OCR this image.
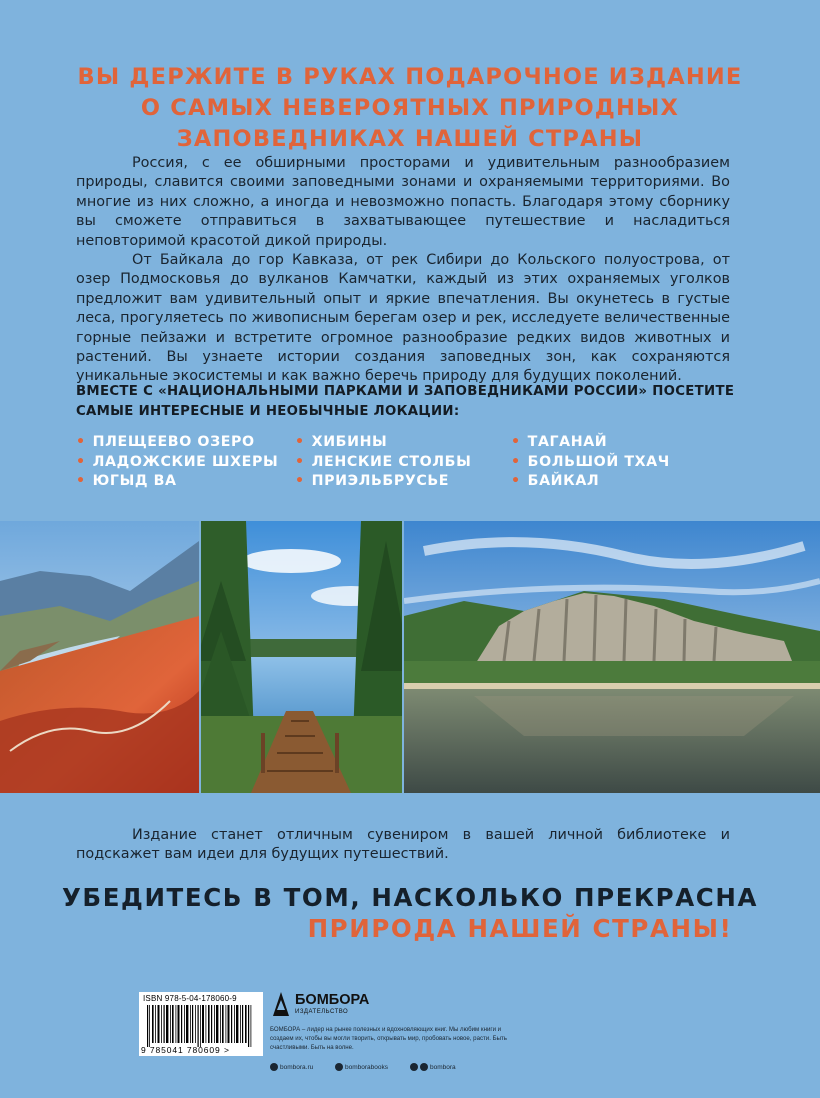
ВЫ ДЕРЖИТЕ В РУКАХ ПОДАРОЧНОЕ ИЗДАНИЕ
О САМЫХ НЕВЕРОЯТНЫХ ПРИРОДНЫХ
ЗАПОВЕДНИКАХ НАШЕЙ СТРАНЫ

Россия, с ее обширными просторами и удивительным разнообразием природы, славится своими заповедными зонами и охраняемыми территориями. Во многие из них сложно, а иногда и невозможно попасть. Благодаря этому сборнику вы сможете отправиться в захватывающее путешествие и насладиться неповторимой красотой дикой природы.

От Байкала до гор Кавказа, от рек Сибири до Кольского полуострова, от озер Подмосковья до вулканов Камчатки, каждый из этих охраняемых уголков предложит вам удивительный опыт и яркие впечатления. Вы окунетесь в густые леса, прогуляетесь по живописным берегам озер и рек, исследуете величественные горные пейзажи и встретите огромное разнообразие редких видов животных и растений. Вы узнаете истории создания заповедных зон, как сохраняются уникальные экосистемы и как важно беречь природу для будущих поколений.

ВМЕСТЕ С «НАЦИОНАЛЬНЫМИ ПАРКАМИ И ЗАПОВЕДНИКАМИ РОССИИ» ПОСЕТИТЕ
САМЫЕ ИНТЕРЕСНЫЕ И НЕОБЫЧНЫЕ ЛОКАЦИИ:
• ПЛЕЩЕЕВО ОЗЕРО
• ЛАДОЖСКИЕ ШХЕРЫ
• ЮГЫД ВА
• ХИБИНЫ
• ЛЕНСКИЕ СТОЛБЫ
• ПРИЭЛЬБРУСЬЕ
• ТАГАНАЙ
• БОЛЬШОЙ ТХАЧ
• БАЙКАЛ

Издание станет отличным сувениром в вашей личной библиотеке и подскажет вам идеи для будущих путешествий.

УБЕДИТЕСЬ В ТОМ, НАСКОЛЬКО ПРЕКРАСНА
ПРИРОДА НАШЕЙ СТРАНЫ!
ISBN 978-5-04-178060-9
9 785041 780609 >
БОМБОРА
ИЗДАТЕЛЬСТВО
БОМБОРА – лидер на рынке полезных и вдохновляющих книг. Мы любим книги и создаем их, чтобы вы могли творить, открывать мир, пробовать новое, расти. Быть счастливыми. Быть на волне.
bombora.ru	bomborabooks	bombora
